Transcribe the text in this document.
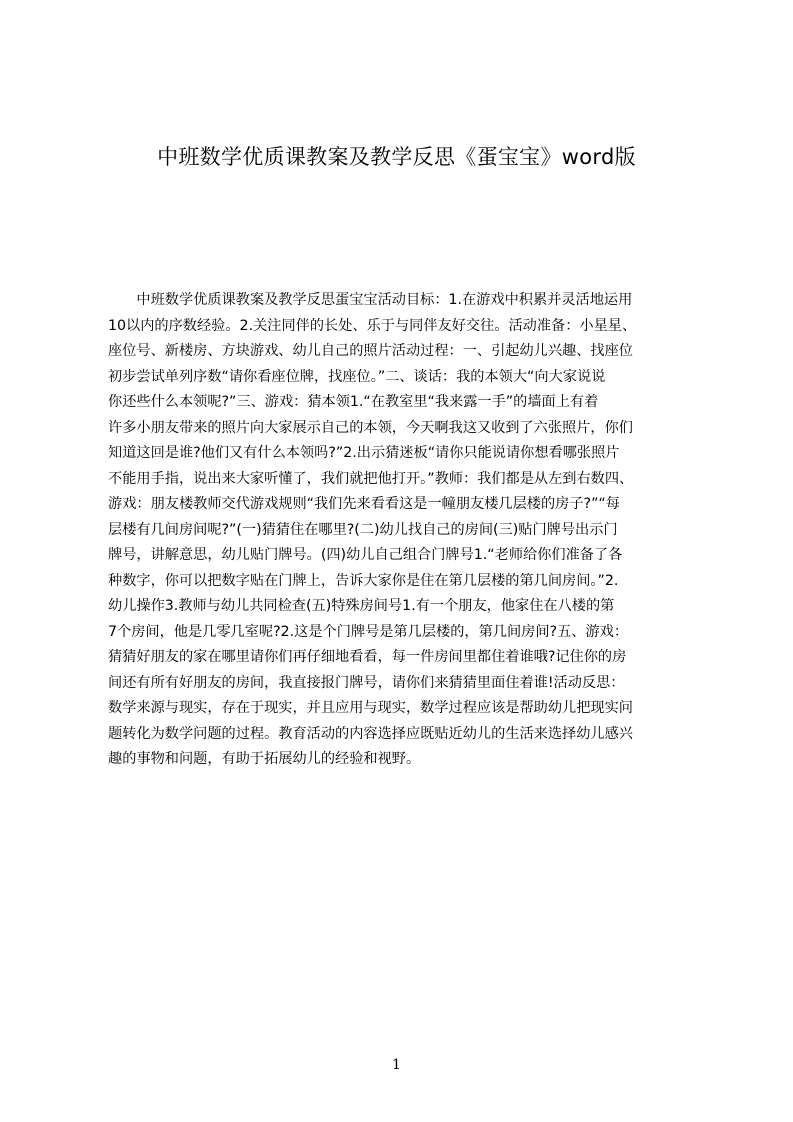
中班数学优质课教案及教学反思《蛋宝宝》word版
　　中班数学优质课教案及教学反思蛋宝宝活动目标：1.在游戏中积累并灵活地运用
10以内的序数经验。2.关注同伴的长处、乐于与同伴友好交往。活动准备：小星星、
座位号、新楼房、方块游戏、幼儿自己的照片活动过程：一、引起幼儿兴趣、找座位
初步尝试单列序数“请你看座位牌，找座位。”二、谈话：我的本领大“向大家说说
你还些什么本领呢?”三、游戏：猜本领1.“在教室里“我来露一手”的墙面上有着
许多小朋友带来的照片向大家展示自己的本领，今天啊我这又收到了六张照片，你们
知道这回是谁?他们又有什么本领吗?”2.出示猜迷板“请你只能说请你想看哪张照片
不能用手指，说出来大家听懂了，我们就把他打开。”教师：我们都是从左到右数四、
游戏：朋友楼教师交代游戏规则“我们先来看看这是一幢朋友楼几层楼的房子?”“每
层楼有几间房间呢?”(一)猜猜住在哪里?(二)幼儿找自己的房间(三)贴门牌号出示门
牌号，讲解意思，幼儿贴门牌号。(四)幼儿自己组合门牌号1.“老师给你们准备了各
种数字，你可以把数字贴在门牌上，告诉大家你是住在第几层楼的第几间房间。”2.
幼儿操作3.教师与幼儿共同检查(五)特殊房间号1.有一个朋友，他家住在八楼的第
7个房间，他是几零几室呢?2.这是个门牌号是第几层楼的，第几间房间?五、游戏：
猜猜好朋友的家在哪里请你们再仔细地看看，每一件房间里都住着谁哦?记住你的房
间还有所有好朋友的房间，我直接报门牌号，请你们来猜猜里面住着谁!活动反思：
数学来源与现实，存在于现实，并且应用与现实，数学过程应该是帮助幼儿把现实问
题转化为数学问题的过程。教育活动的内容选择应既贴近幼儿的生活来选择幼儿感兴
趣的事物和问题，有助于拓展幼儿的经验和视野。
1
